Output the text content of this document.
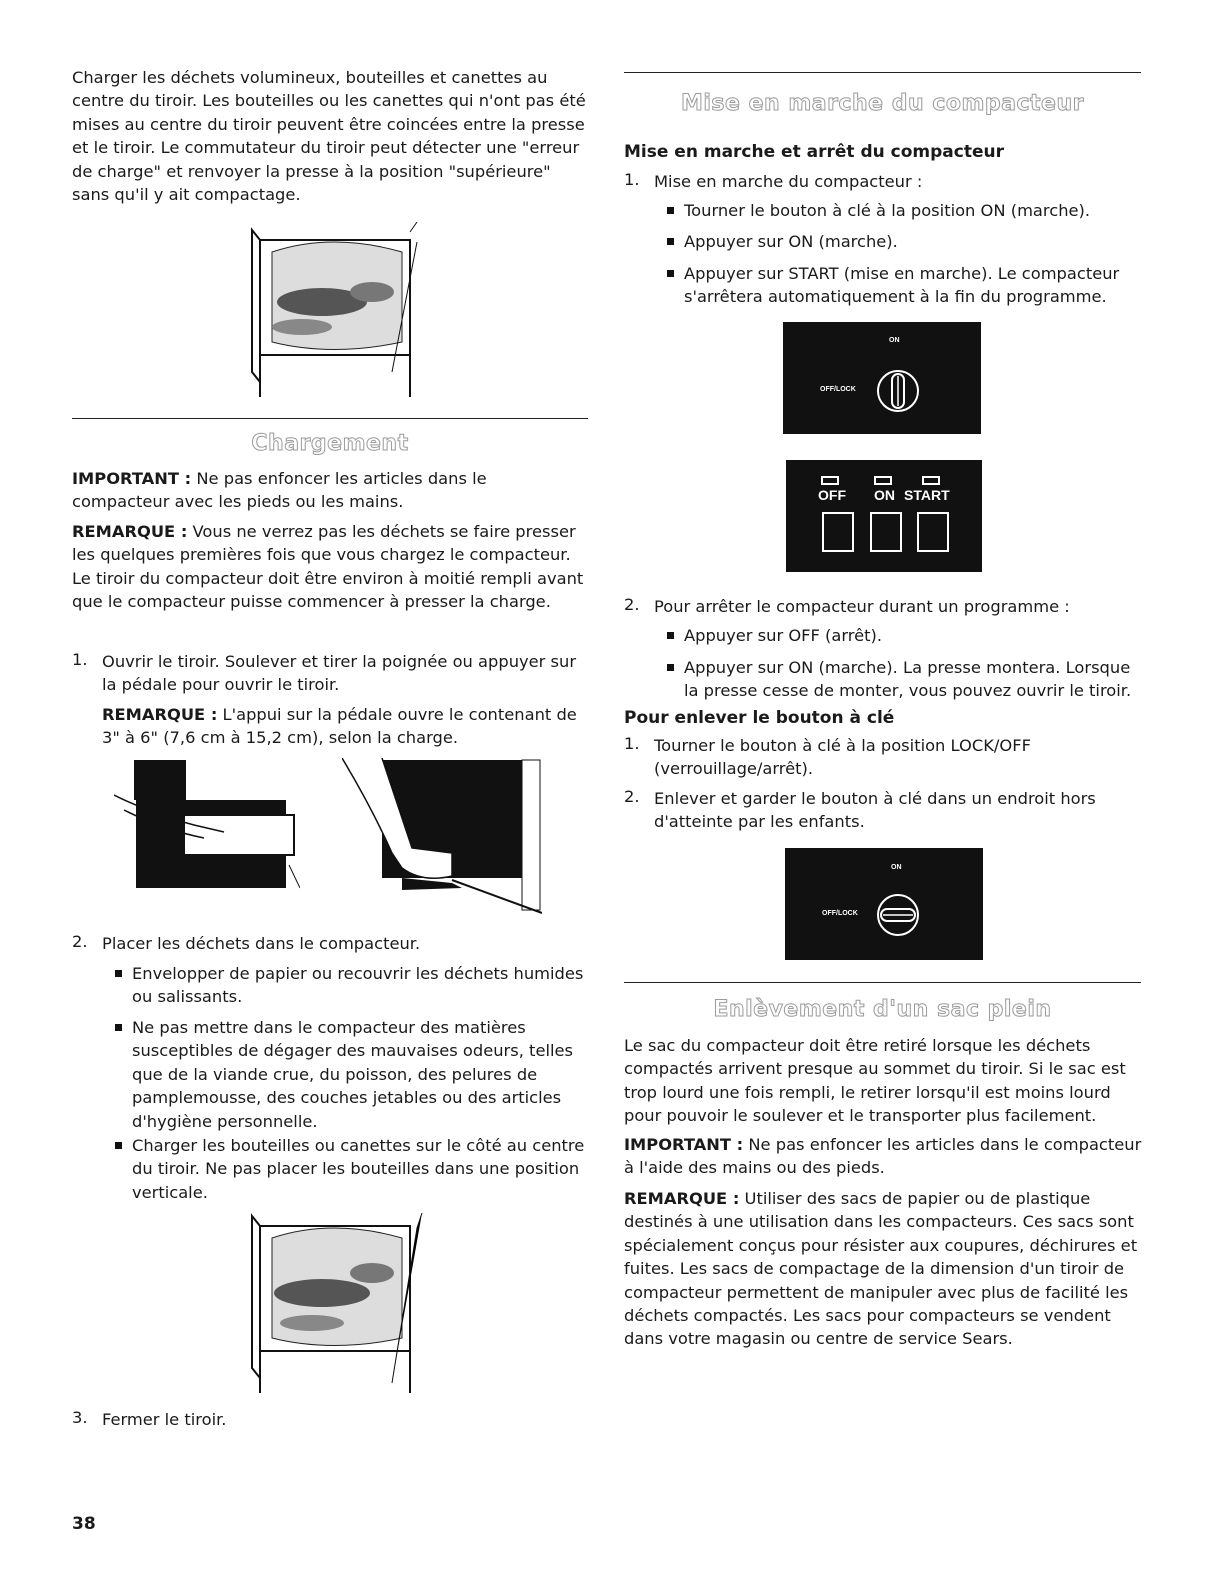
Charger les déchets volumineux, bouteilles et canettes au centre du tiroir. Les bouteilles ou les canettes qui n'ont pas été mises au centre du tiroir peuvent être coincées entre la presse et le tiroir. Le commutateur du tiroir peut détecter une "erreur de charge" et renvoyer la presse à la position "supérieure" sans qu'il y ait compactage.

Chargement

IMPORTANT : Ne pas enfoncer les articles dans le compacteur avec les pieds ou les mains.

REMARQUE : Vous ne verrez pas les déchets se faire presser les quelques premières fois que vous chargez le compacteur. Le tiroir du compacteur doit être environ à moitié rempli avant que le compacteur puisse commencer à presser la charge.

1. Ouvrir le tiroir. Soulever et tirer la poignée ou appuyer sur la pédale pour ouvrir le tiroir.

REMARQUE : L'appui sur la pédale ouvre le contenant de 3" à 6" (7,6 cm à 15,2 cm), selon la charge.

2. Placer les déchets dans le compacteur.

Envelopper de papier ou recouvrir les déchets humides ou salissants.

Ne pas mettre dans le compacteur des matières susceptibles de dégager des mauvaises odeurs, telles que de la viande crue, du poisson, des pelures de pamplemousse, des couches jetables ou des articles d'hygiène personnelle.

Charger les bouteilles ou canettes sur le côté au centre du tiroir. Ne pas placer les bouteilles dans une position verticale.

3. Fermer le tiroir.

38
Mise en marche du compacteur
Mise en marche et arrêt du compacteur
1. Mise en marche du compacteur :

Tourner le bouton à clé à la position ON (marche).

Appuyer sur ON (marche).

Appuyer sur START (mise en marche). Le compacteur s'arrêtera automatiquement à la fin du programme.

ON
OFF/LOCK
OFF ON START
2. Pour arrêter le compacteur durant un programme :

Appuyer sur OFF (arrêt).

Appuyer sur ON (marche). La presse montera. Lorsque la presse cesse de monter, vous pouvez ouvrir le tiroir.

Pour enlever le bouton à clé
1. Tourner le bouton à clé à la position LOCK/OFF (verrouillage/arrêt).

2. Enlever et garder le bouton à clé dans un endroit hors d'atteinte par les enfants.

ON
OFF/LOCK
Enlèvement d'un sac plein

Le sac du compacteur doit être retiré lorsque les déchets compactés arrivent presque au sommet du tiroir. Si le sac est trop lourd une fois rempli, le retirer lorsqu'il est moins lourd pour pouvoir le soulever et le transporter plus facilement.

IMPORTANT : Ne pas enfoncer les articles dans le compacteur à l'aide des mains ou des pieds.

REMARQUE : Utiliser des sacs de papier ou de plastique destinés à une utilisation dans les compacteurs. Ces sacs sont spécialement conçus pour résister aux coupures, déchirures et fuites. Les sacs de compactage de la dimension d'un tiroir de compacteur permettent de manipuler avec plus de facilité les déchets compactés. Les sacs pour compacteurs se vendent dans votre magasin ou centre de service Sears.
